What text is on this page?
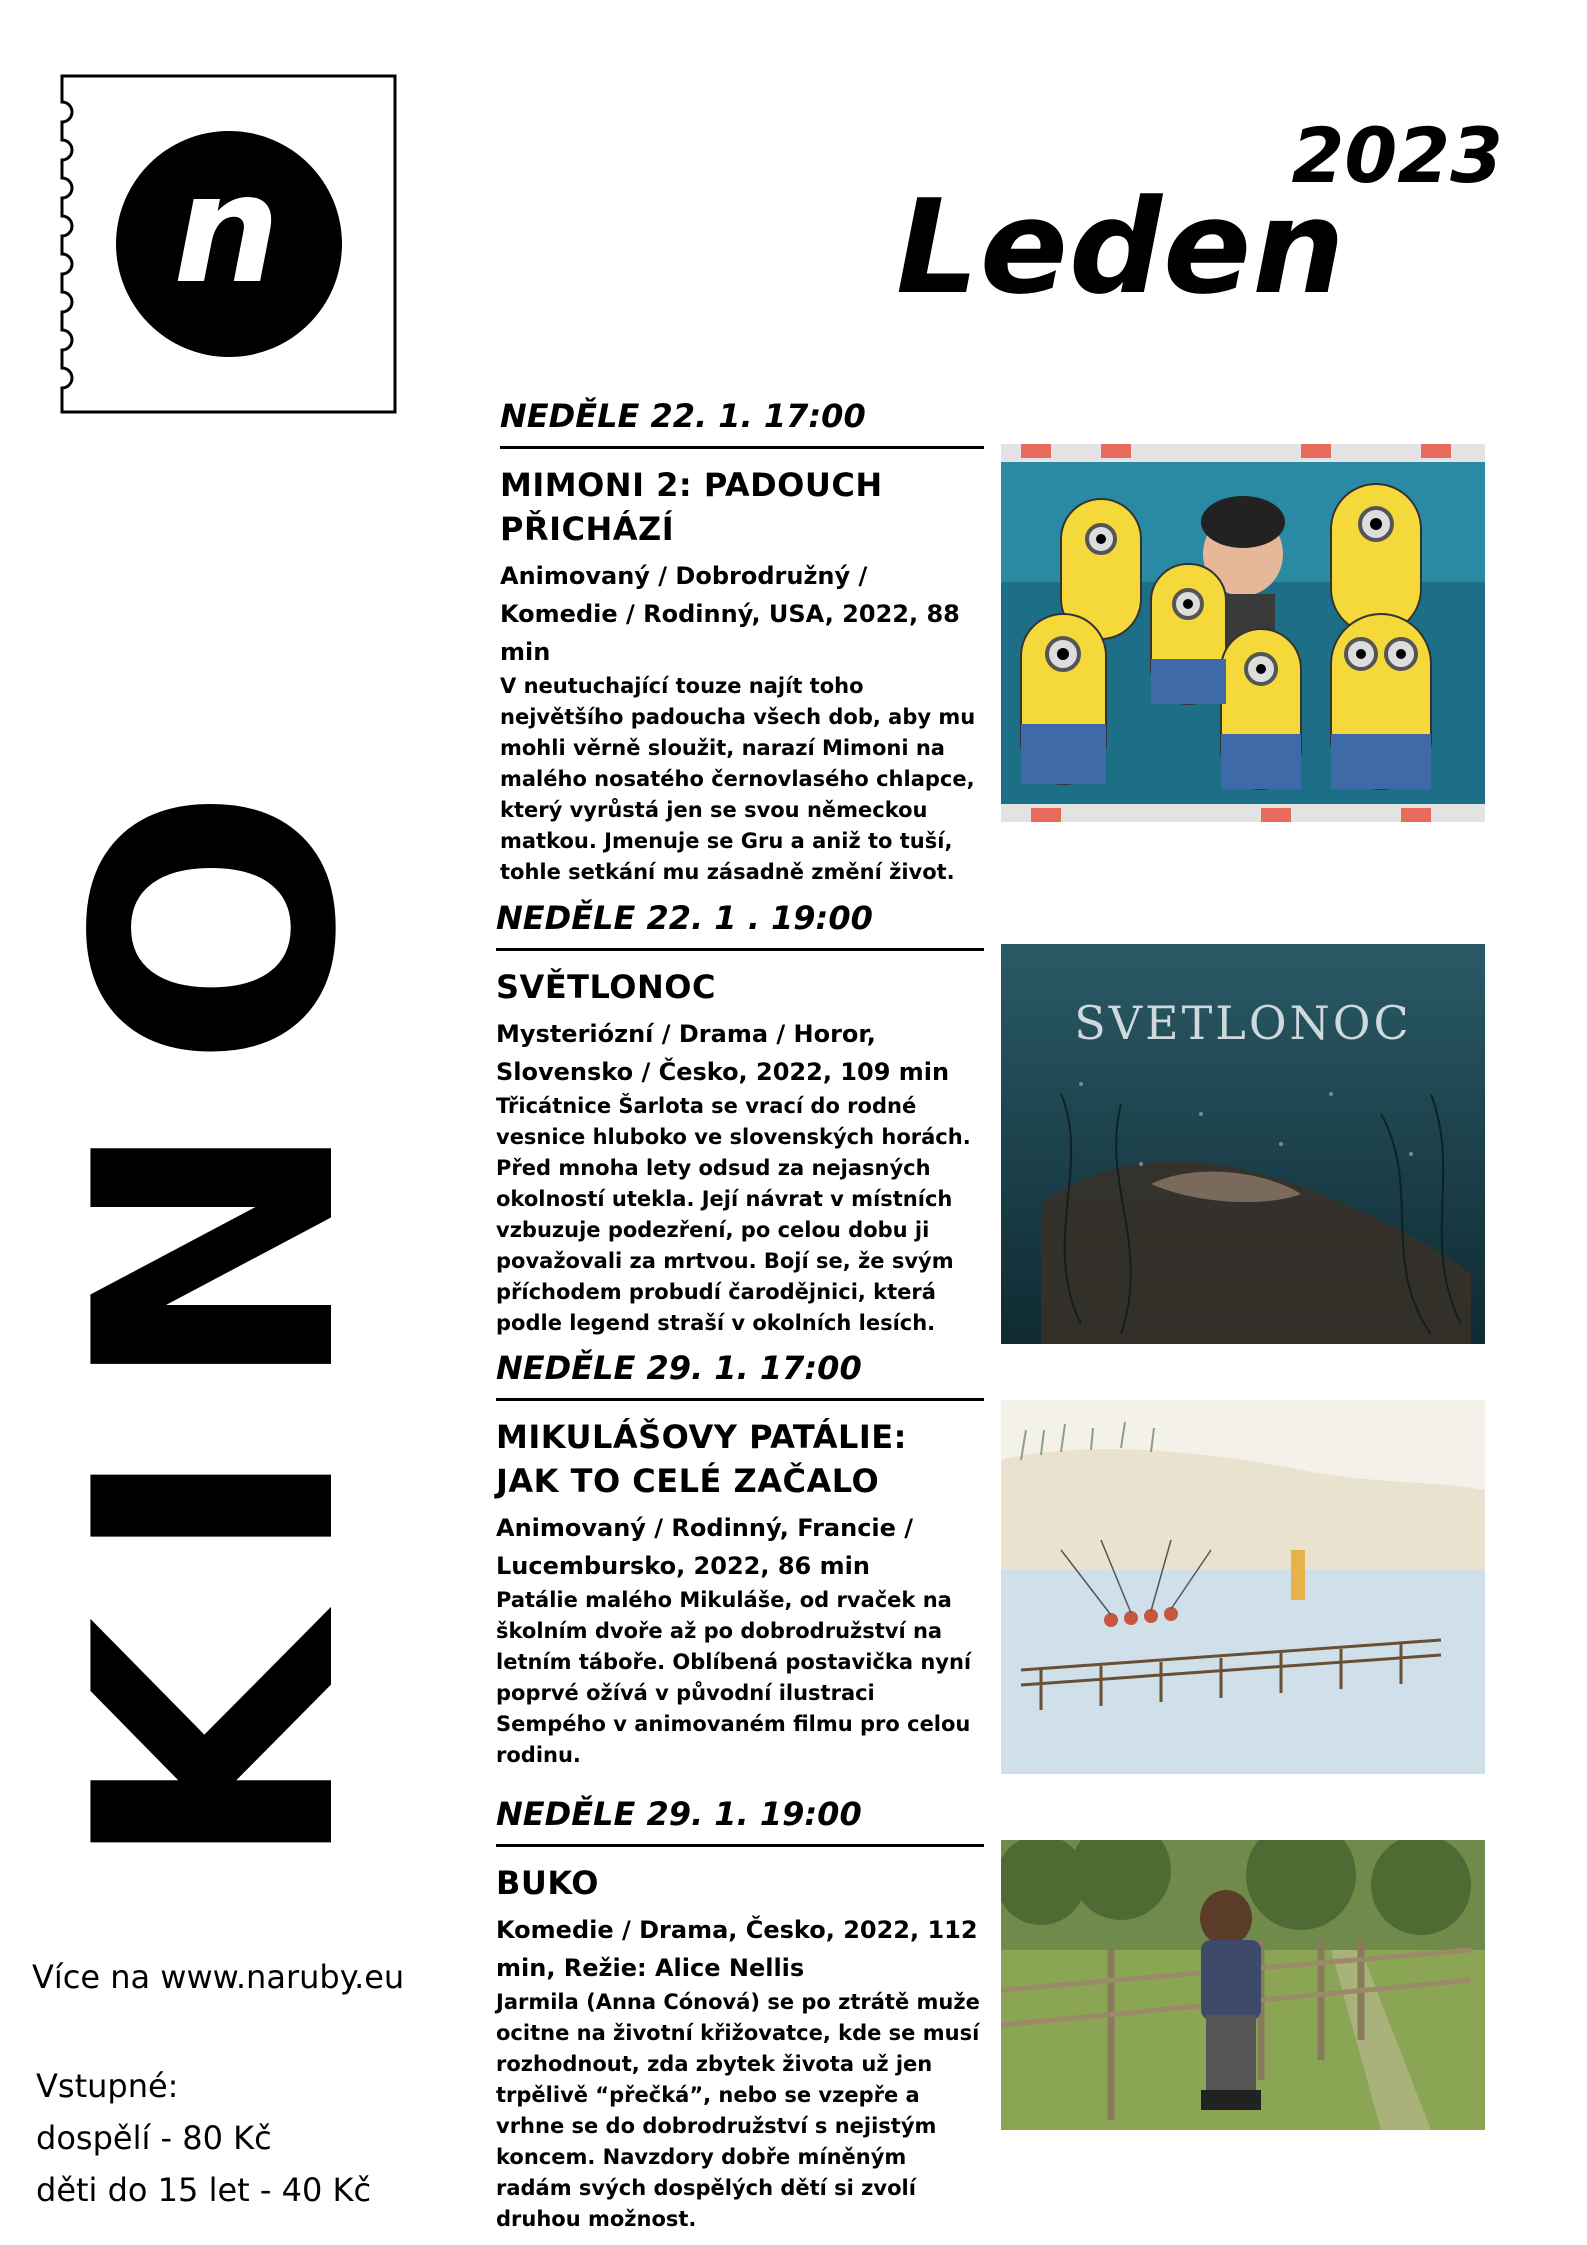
n	2023
Leden
KINO
Více na www.naruby.eu
Vstupné:
dospělí - 80 Kč
děti do 15 let - 40 Kč
NEDĚLE 22. 1. 17:00
MIMONI 2: PADOUCH PŘICHÁZÍ
Animovaný / Dobrodružný / Komedie / Rodinný, USA, 2022, 88 min
V neutuchající touze najít toho největšího padoucha všech dob, aby mu mohli věrně sloužit, narazí Mimoni na malého nosatého černovlasého chlapce, který vyrůstá jen se svou německou matkou. Jmenuje se Gru a aniž to tuší, tohle setkání mu zásadně změní život.
NEDĚLE 22. 1 . 19:00
SVĚTLONOC
Mysteriózní / Drama / Horor, Slovensko / Česko, 2022, 109 min
Třicátnice Šarlota se vrací do rodné vesnice hluboko ve slovenských horách. Před mnoha lety odsud za nejasných okolností utekla. Její návrat v místních vzbuzuje podezření, po celou dobu ji považovali za mrtvou. Bojí se, že svým příchodem probudí čarodějnici, která podle legend straší v okolních lesích.
SVETLONOC
NEDĚLE 29. 1. 17:00
MIKULÁŠOVY PATÁLIE: JAK TO CELÉ ZAČALO
Animovaný / Rodinný, Francie / Lucembursko, 2022, 86 min
Patálie malého Mikuláše, od rvaček na školním dvoře až po dobrodružství na letním táboře. Oblíbená postavička nyní poprvé ožívá v původní ilustraci Sempého v animovaném filmu pro celou rodinu.
NEDĚLE 29. 1. 19:00
BUKO
Komedie / Drama, Česko, 2022, 112 min, Režie: Alice Nellis
Jarmila (Anna Cónová) se po ztrátě muže ocitne na životní křižovatce, kde se musí rozhodnout, zda zbytek života už jen trpělivě “přečká”, nebo se vzepře a vrhne se do dobrodružství s nejistým koncem. Navzdory dobře míněným radám svých dospělých dětí si zvolí druhou možnost.
